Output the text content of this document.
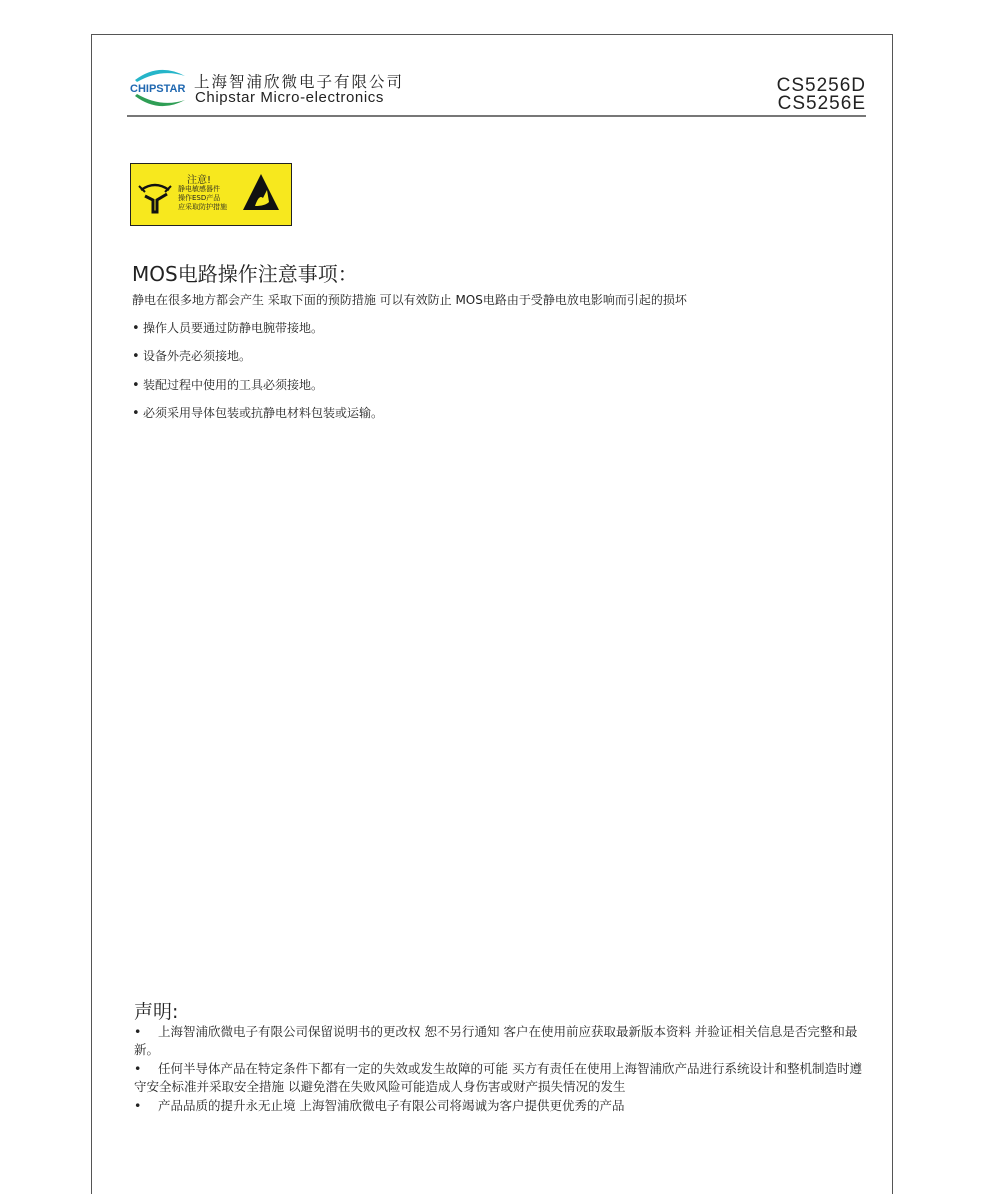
CHIPSTAR 上海智浦欣微电子有限公司
Chipstar Micro-electronics
CS5256D
CS5256E
注意!
静电敏感器件
操作ESD产品
应采取防护措施
MOS电路操作注意事项：
静电在很多地方都会产生 采取下面的预防措施 可以有效防止 MOS电路由于受静电放电影响而引起的损坏
• 操作人员要通过防静电腕带接地。
• 设备外壳必须接地。
• 装配过程中使用的工具必须接地。
• 必须采用导体包装或抗静电材料包装或运输。
声明:
• 上海智浦欣微电子有限公司保留说明书的更改权 恕不另行通知 客户在使用前应获取最新版本资料 并验证相关信息是否完整和最新。
• 任何半导体产品在特定条件下都有一定的失效或发生故障的可能 买方有责任在使用上海智浦欣产品进行系统设计和整机制造时遵守安全标准并采取安全措施 以避免潜在失败风险可能造成人身伤害或财产损失情况的发生
• 产品品质的提升永无止境 上海智浦欣微电子有限公司将竭诚为客户提供更优秀的产品
